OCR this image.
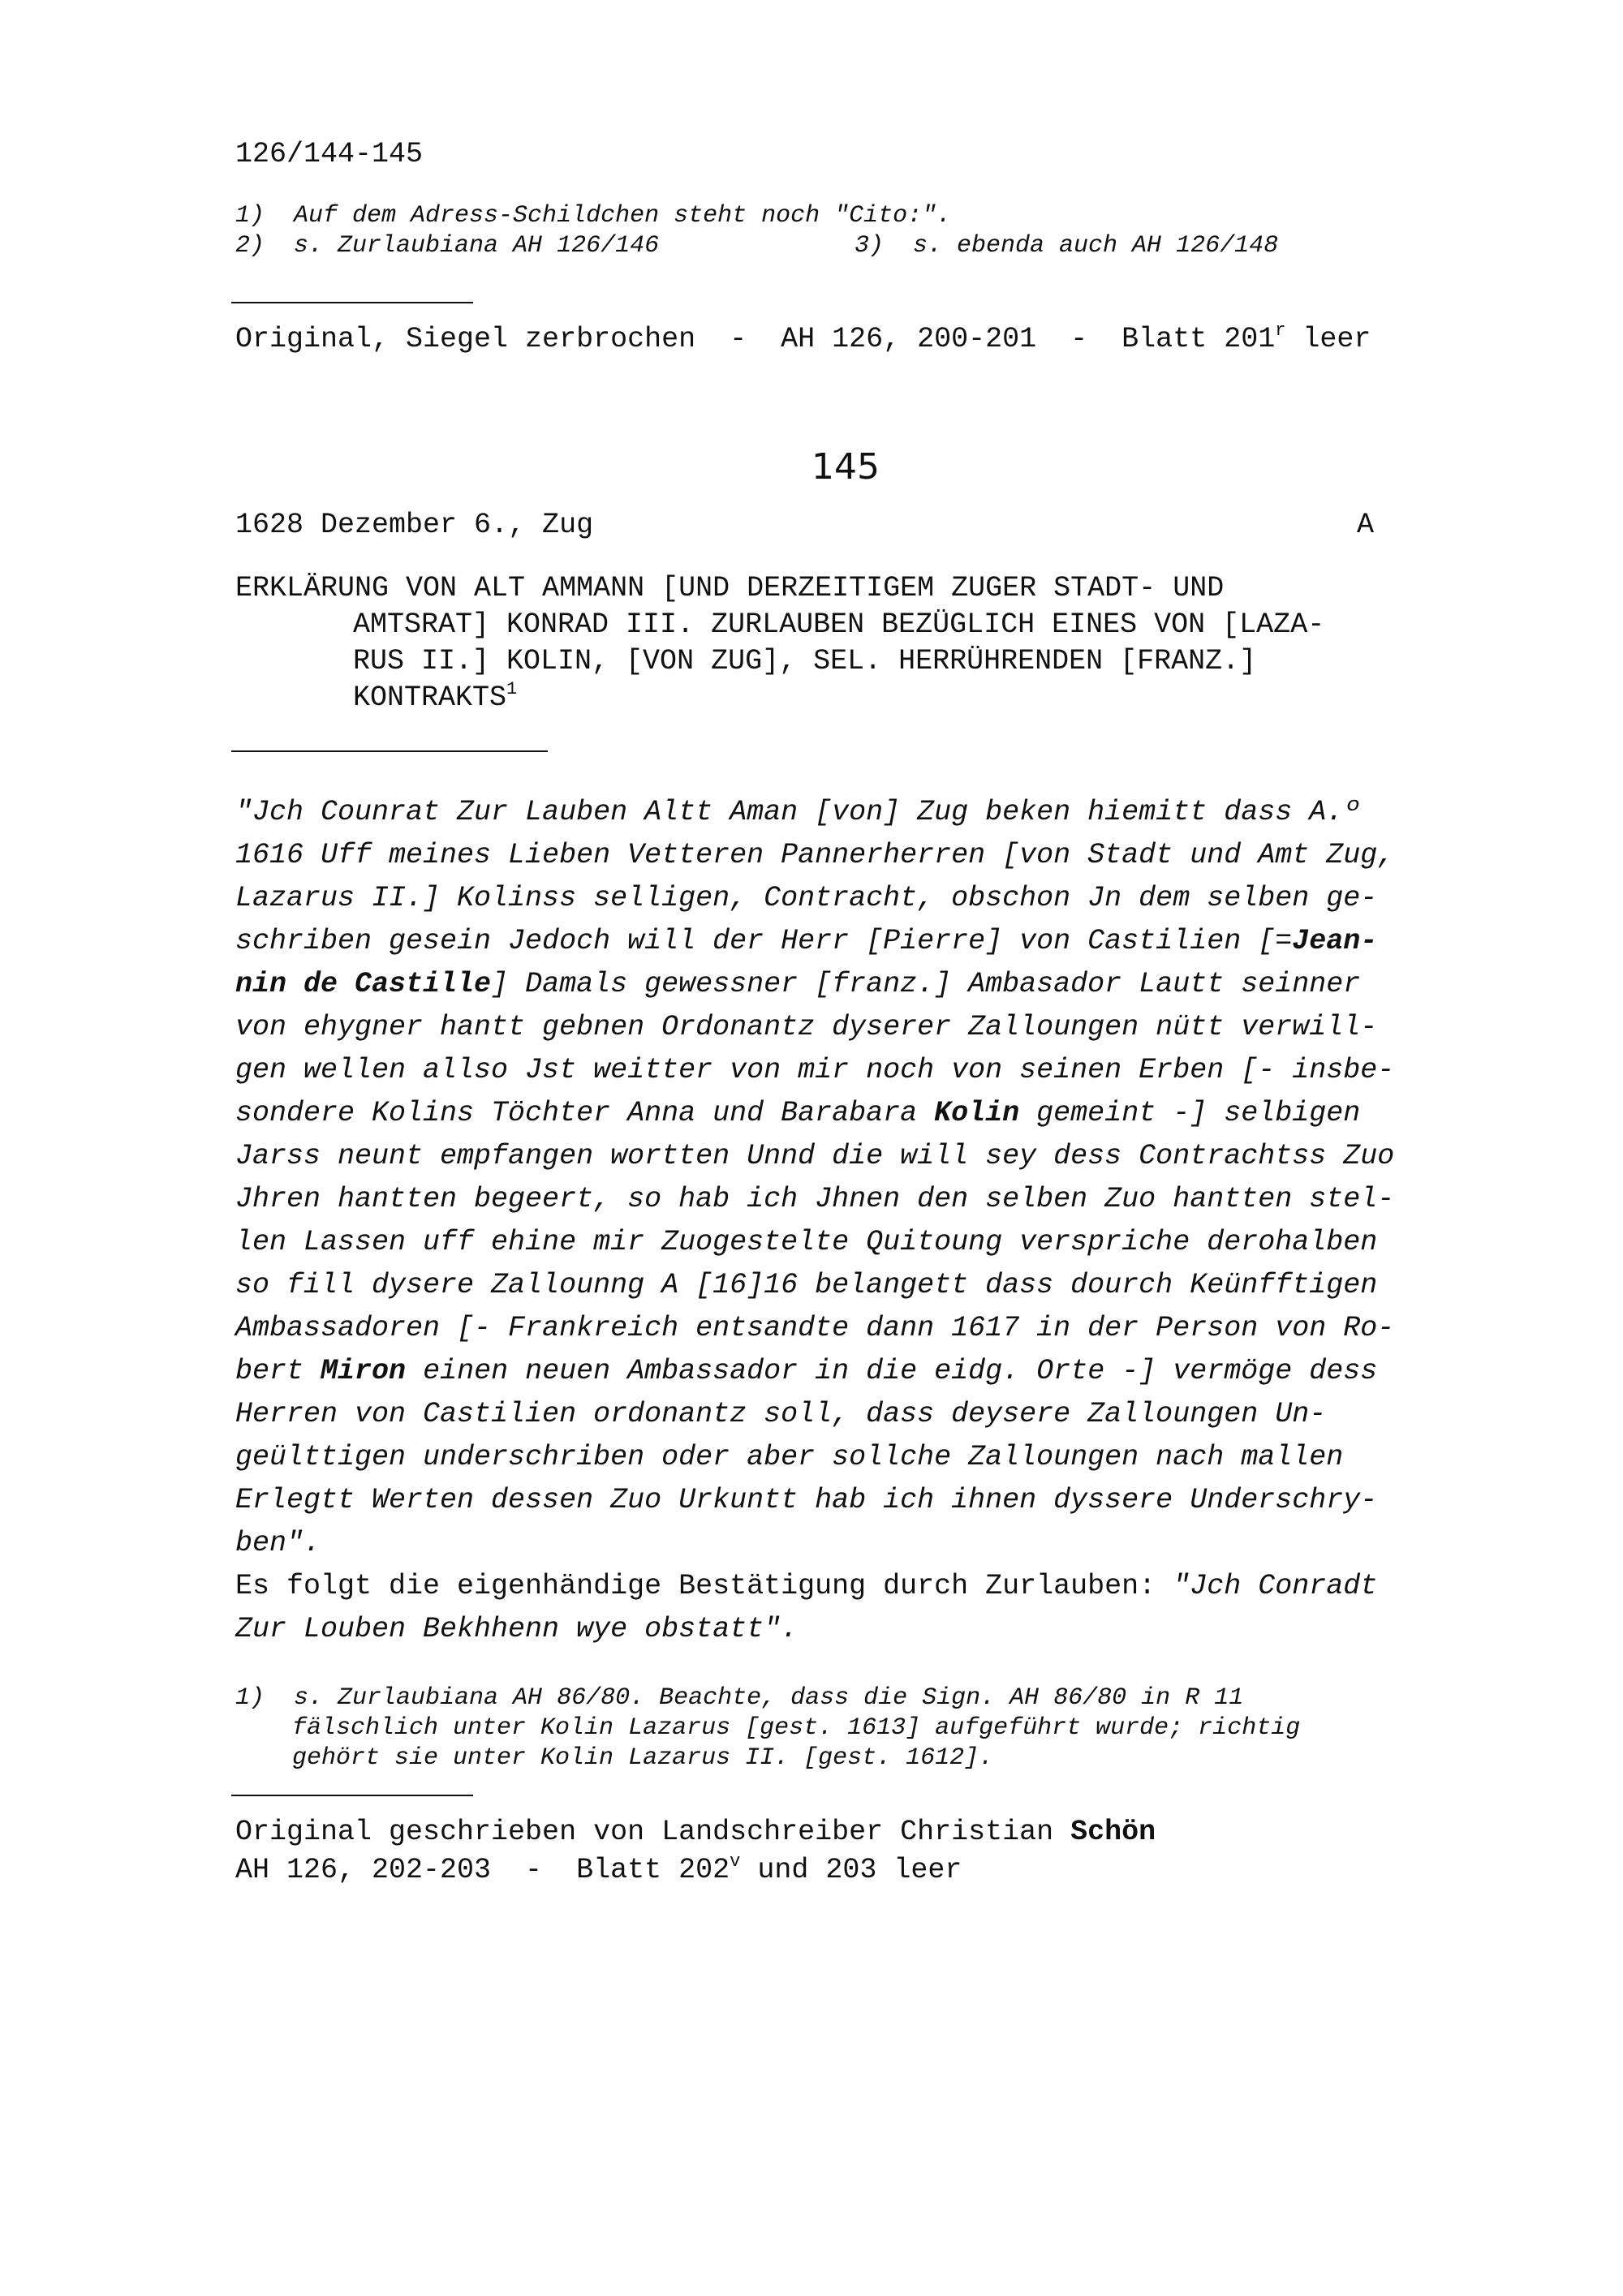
126/144-145
1)  Auf dem Adress-Schildchen steht noch "Cito:".
2)  s. Zurlaubiana AH 126/146	3)  s. ebenda auch AH 126/148
Original, Siegel zerbrochen  -  AH 126, 200-201  -  Blatt 201$^r$ leer
145
1628 Dezember 6., Zug	A
ERKLÄRUNG VON ALT AMMANN [UND DERZEITIGEM ZUGER STADT- UND
AMTSRAT] KONRAD III. ZURLAUBEN BEZÜGLICH EINES VON [LAZA-
RUS II.] KOLIN, [VON ZUG], SEL. HERRÜHRENDEN [FRANZ.]
KONTRAKTS$^1$
"Jch Counrat Zur Lauben Altt Aman [von] Zug beken hiemitt dass A.º
1616 Uff meines Lieben Vetteren Pannerherren [von Stadt und Amt Zug,
Lazarus II.] Kolinss selligen, Contracht, obschon Jn dem selben ge-
schriben gesein Jedoch will der Herr [Pierre] von Castilien [=Jean-
nin de Castille] Damals gewessner [franz.] Ambasador Lautt seinner
von ehygner hantt gebnen Ordonantz dyserer Zalloungen nütt verwill-
gen wellen allso Jst weitter von mir noch von seinen Erben [- insbe-
sondere Kolins Töchter Anna und Barabara Kolin gemeint -] selbigen
Jarss neunt empfangen wortten Unnd die will sey dess Contrachtss Zuo
Jhren hantten begeert, so hab ich Jhnen den selben Zuo hantten stel-
len Lassen uff ehine mir Zuogestelte Quitoung verspriche derohalben
so fill dysere Zallounng A [16]16 belangett dass dourch Keünfftigen
Ambassadoren [- Frankreich entsandte dann 1617 in der Person von Ro-
bert Miron einen neuen Ambassador in die eidg. Orte -] vermöge dess
Herren von Castilien ordonantz soll, dass deysere Zalloungen Un-
geülttigen underschriben oder aber sollche Zalloungen nach mallen
Erlegtt Werten dessen Zuo Urkuntt hab ich ihnen dyssere Underschry-
ben".
Es folgt die eigenhändige Bestätigung durch Zurlauben: "Jch Conradt
Zur Louben Bekhhenn wye obstatt".
1)  s. Zurlaubiana AH 86/80. Beachte, dass die Sign. AH 86/80 in R 11
fälschlich unter Kolin Lazarus [gest. 1613] aufgeführt wurde; richtig
gehört sie unter Kolin Lazarus II. [gest. 1612].
Original geschrieben von Landschreiber Christian Schön
AH 126, 202-203  -  Blatt 202$^v$ und 203 leer
